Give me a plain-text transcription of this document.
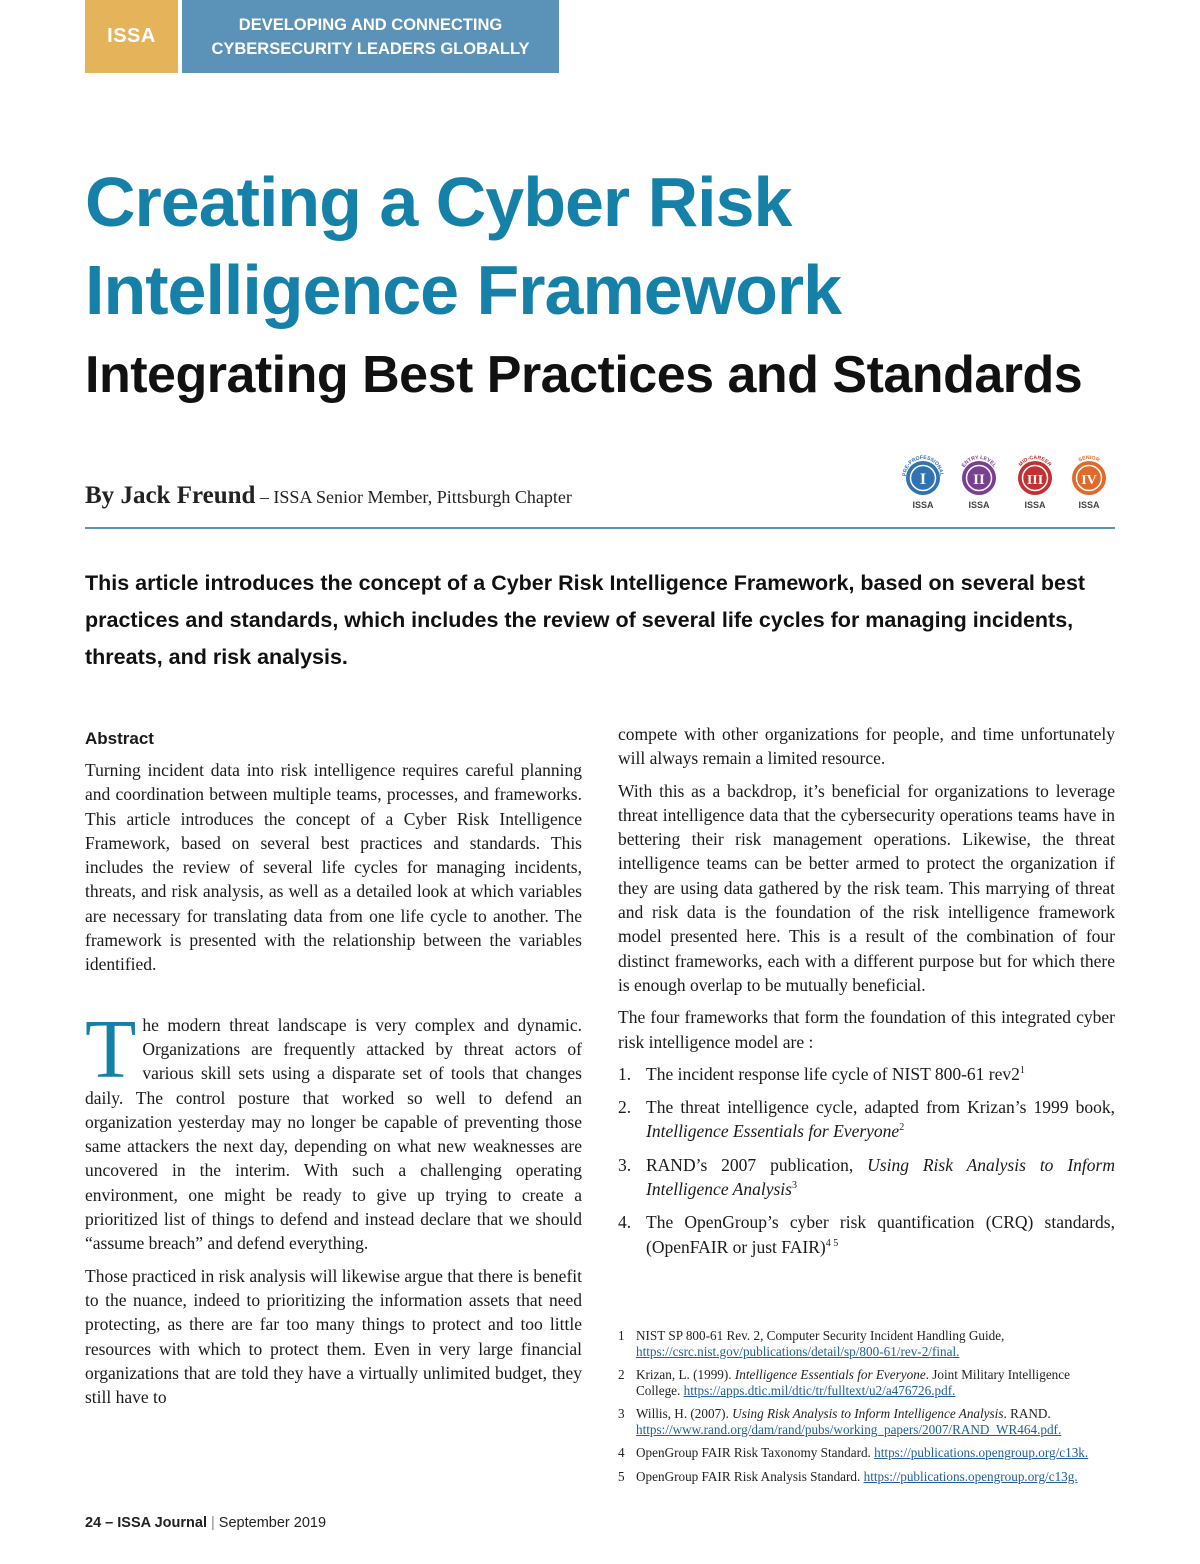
ISSA
DEVELOPING AND CONNECTING
CYBERSECURITY LEADERS GLOBALLY
Creating a Cyber Risk
Intelligence Framework
Integrating Best Practices and Standards
By Jack Freund – ISSA Senior Member, Pittsburgh Chapter
I
PRE-PROFESSIONAL
ISSA
II
ENTRY LEVEL
ISSA
III
MID-CAREER
ISSA
IV
SENIOR
ISSA

This article introduces the concept of a Cyber Risk Intelligence Framework, based on several best practices and standards, which includes the review of several life cycles for managing incidents, threats, and risk analysis.

Abstract

Turning incident data into risk intelligence requires careful planning and coordination between multiple teams, processes, and frameworks. This article introduces the concept of a Cyber Risk Intelligence Framework, based on several best practices and standards. This includes the review of several life cycles for managing incidents, threats, and risk analysis, as well as a detailed look at which variables are necessary for translating data from one life cycle to another. The framework is presented with the relationship between the variables identified.

The modern threat landscape is very complex and dynamic. Organizations are frequently attacked by threat actors of various skill sets using a disparate set of tools that changes daily. The control posture that worked so well to defend an organization yesterday may no longer be capable of preventing those same attackers the next day, depending on what new weaknesses are uncovered in the interim. With such a challenging operating environment, one might be ready to give up trying to create a prioritized list of things to defend and instead declare that we should “assume breach” and defend everything.

Those practiced in risk analysis will likewise argue that there is benefit to the nuance, indeed to prioritizing the information assets that need protecting, as there are far too many things to protect and too little resources with which to protect them. Even in very large financial organizations that are told they have a virtually unlimited budget, they still have to

compete with other organizations for people, and time unfortunately will always remain a limited resource.

With this as a backdrop, it’s beneficial for organizations to leverage threat intelligence data that the cybersecurity operations teams have in bettering their risk management operations. Likewise, the threat intelligence teams can be better armed to protect the organization if they are using data gathered by the risk team. This marrying of threat and risk data is the foundation of the risk intelligence framework model presented here. This is a result of the combination of four distinct frameworks, each with a different purpose but for which there is enough overlap to be mutually beneficial.

The four frameworks that form the foundation of this integrated cyber risk intelligence model are :

1. The incident response life cycle of NIST 800-61 $rev2^1$
2. The threat intelligence cycle, adapted from Krizan’s 1999 book, Intelligence Essentials for Everyone$^2$
3. RAND’s 2007 publication, Using Risk Analysis to Inform Intelligence Analysis$^3$
4. The OpenGroup’s cyber risk quantification (CRQ) standards, (OpenFAIR or just FAIR)$^{4 5}$
1 NIST SP 800-61 Rev. 2, Computer Security Incident Handling Guide, https://csrc.nist.gov/publications/detail/sp/800-61/rev-2/final.
2 Krizan, L. (1999). Intelligence Essentials for Everyone. Joint Military Intelligence College. https://apps.dtic.mil/dtic/tr/fulltext/u2/a476726.pdf.
3 Willis, H. (2007). Using Risk Analysis to Inform Intelligence Analysis. RAND. https://www.rand.org/dam/rand/pubs/working_papers/2007/RAND_WR464.pdf.
4 OpenGroup FAIR Risk Taxonomy Standard. https://publications.opengroup.org/c13k.
5 OpenGroup FAIR Risk Analysis Standard. https://publications.opengroup.org/c13g.
24 – ISSA Journal | September 2019
